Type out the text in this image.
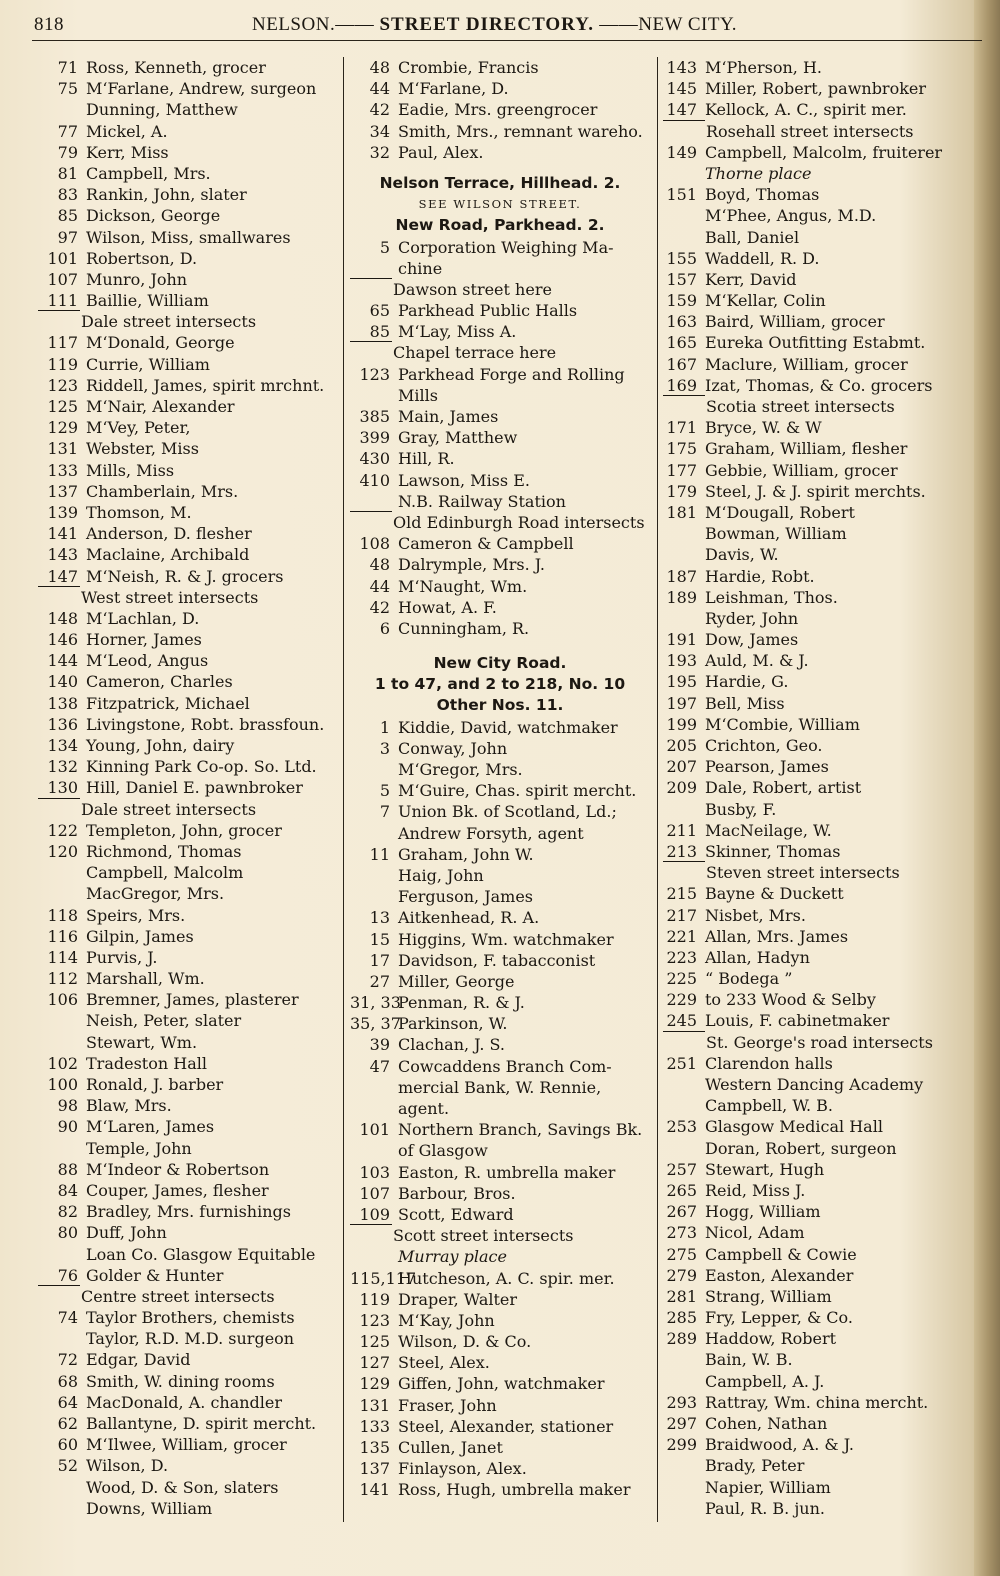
818	NELSON.—— STREET DIRECTORY. ——NEW CITY.
71 Ross, Kenneth, grocer
75 M‘Farlane, Andrew, surgeon
Dunning, Matthew
77 Mickel, A.
79 Kerr, Miss
81 Campbell, Mrs.
83 Rankin, John, slater
85 Dickson, George
97 Wilson, Miss, smallwares
101 Robertson, D.
107 Munro, John
111 Baillie, William
Dale street intersects
117 M‘Donald, George
119 Currie, William
123 Riddell, James, spirit mrchnt.
125 M‘Nair, Alexander
129 M‘Vey, Peter,
131 Webster, Miss
133 Mills, Miss
137 Chamberlain, Mrs.
139 Thomson, M.
141 Anderson, D. flesher
143 Maclaine, Archibald
147 M‘Neish, R. & J. grocers
West street intersects
148 M‘Lachlan, D.
146 Horner, James
144 M‘Leod, Angus
140 Cameron, Charles
138 Fitzpatrick, Michael
136 Livingstone, Robt. brassfoun.
134 Young, John, dairy
132 Kinning Park Co-op. So. Ltd.
130 Hill, Daniel E. pawnbroker
Dale street intersects
122 Templeton, John, grocer
120 Richmond, Thomas
Campbell, Malcolm
MacGregor, Mrs.
118 Speirs, Mrs.
116 Gilpin, James
114 Purvis, J.
112 Marshall, Wm.
106 Bremner, James, plasterer
Neish, Peter, slater
Stewart, Wm.
102 Tradeston Hall
100 Ronald, J. barber
98 Blaw, Mrs.
90 M‘Laren, James
Temple, John
88 M‘Indeor & Robertson
84 Couper, James, flesher
82 Bradley, Mrs. furnishings
80 Duff, John
Loan Co. Glasgow Equitable
76 Golder & Hunter
Centre street intersects
74 Taylor Brothers, chemists
Taylor, R.D. M.D. surgeon
72 Edgar, David
68 Smith, W. dining rooms
64 MacDonald, A. chandler
62 Ballantyne, D. spirit mercht.
60 M‘Ilwee, William, grocer
52 Wilson, D.
Wood, D. & Son, slaters
Downs, William
48 Crombie, Francis
44 M‘Farlane, D.
42 Eadie, Mrs. greengrocer
34 Smith, Mrs., remnant wareho.
32 Paul, Alex.
Nelson Terrace, Hillhead. 2.
SEE WILSON STREET.
New Road, Parkhead. 2.
5 Corporation Weighing Ma-
chine
Dawson street here
65 Parkhead Public Halls
85 M‘Lay, Miss A.
Chapel terrace here
123 Parkhead Forge and Rolling
Mills
385 Main, James
399 Gray, Matthew
430 Hill, R.
410 Lawson, Miss E.
N.B. Railway Station
Old Edinburgh Road intersects
108 Cameron & Campbell
48 Dalrymple, Mrs. J.
44 M‘Naught, Wm.
42 Howat, A. F.
6 Cunningham, R.
New City Road.
1 to 47, and 2 to 218, No. 10
Other Nos. 11.
1 Kiddie, David, watchmaker
3 Conway, John
M‘Gregor, Mrs.
5 M‘Guire, Chas. spirit mercht.
7 Union Bk. of Scotland, Ld.;
Andrew Forsyth, agent
11 Graham, John W.
Haig, John
Ferguson, James
13 Aitkenhead, R. A.
15 Higgins, Wm. watchmaker
17 Davidson, F. tabacconist
27 Miller, George
31, 33
Penman, R. & J.
35, 37
Parkinson, W.
39 Clachan, J. S.
47 Cowcaddens Branch Com-
mercial Bank, W. Rennie,
agent.
101 Northern Branch, Savings Bk.
of Glasgow
103 Easton, R. umbrella maker
107 Barbour, Bros.
109 Scott, Edward
Scott street intersects
Murray place
115,117
Hutcheson, A. C. spir. mer.
119 Draper, Walter
123 M‘Kay, John
125 Wilson, D. & Co.
127 Steel, Alex.
129 Giffen, John, watchmaker
131 Fraser, John
133 Steel, Alexander, stationer
135 Cullen, Janet
137 Finlayson, Alex.
141 Ross, Hugh, umbrella maker
143 M‘Pherson, H.
145 Miller, Robert, pawnbroker
147 Kellock, A. C., spirit mer.
Rosehall street intersects
149 Campbell, Malcolm, fruiterer
Thorne place
151 Boyd, Thomas
M‘Phee, Angus, M.D.
Ball, Daniel
155 Waddell, R. D.
157 Kerr, David
159 M‘Kellar, Colin
163 Baird, William, grocer
165 Eureka Outfitting Estabmt.
167 Maclure, William, grocer
169 Izat, Thomas, & Co. grocers
Scotia street intersects
171 Bryce, W. & W
175 Graham, William, flesher
177 Gebbie, William, grocer
179 Steel, J. & J. spirit merchts.
181 M‘Dougall, Robert
Bowman, William
Davis, W.
187 Hardie, Robt.
189 Leishman, Thos.
Ryder, John
191 Dow, James
193 Auld, M. & J.
195 Hardie, G.
197 Bell, Miss
199 M‘Combie, William
205 Crichton, Geo.
207 Pearson, James
209 Dale, Robert, artist
Busby, F.
211 MacNeilage, W.
213 Skinner, Thomas
Steven street intersects
215 Bayne & Duckett
217 Nisbet, Mrs.
221 Allan, Mrs. James
223 Allan, Hadyn
225 “ Bodega ”
229 to 233 Wood & Selby
245 Louis, F. cabinetmaker
St. George's road intersects
251 Clarendon halls
Western Dancing Academy
Campbell, W. B.
253 Glasgow Medical Hall
Doran, Robert, surgeon
257 Stewart, Hugh
265 Reid, Miss J.
267 Hogg, William
273 Nicol, Adam
275 Campbell & Cowie
279 Easton, Alexander
281 Strang, William
285 Fry, Lepper, & Co.
289 Haddow, Robert
Bain, W. B.
Campbell, A. J.
293 Rattray, Wm. china mercht.
297 Cohen, Nathan
299 Braidwood, A. & J.
Brady, Peter
Napier, William
Paul, R. B. jun.
